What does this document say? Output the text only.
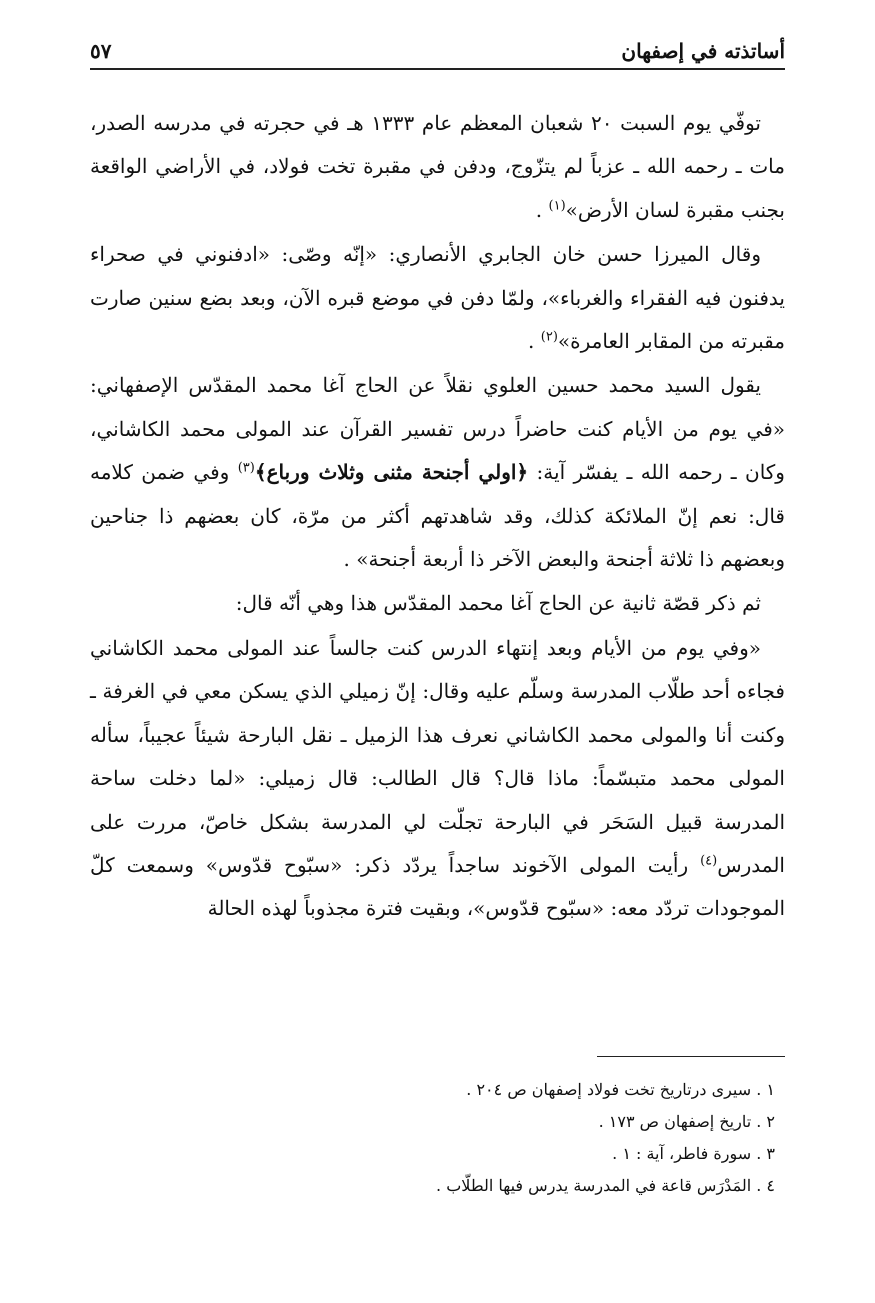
أساتذته في إصفهان
٥٧

توفّي يوم السبت ٢٠ شعبان المعظم عام ١٣٣٣ هـ في حجرته في مدرسه الصدر، مات ـ رحمه الله ـ عزباً لم يتزّوج، ودفن في مقبرة تخت فولاد، في الأراضي الواقعة بجنب مقبرة لسان الأرض»$^{(١)}$ .

وقال الميرزا حسن خان الجابري الأنصاري: «إنّه وصّى: «ادفنوني في صحراء يدفنون فيه الفقراء والغرباء»، ولمّا دفن في موضع قبره الآن، وبعد بضع سنين صارت مقبرته من المقابر العامرة»$^{(٢)}$ .

يقول السيد محمد حسين العلوي نقلاً عن الحاج آغا محمد المقدّس الإصفهاني: «في يوم من الأيام كنت حاضراً درس تفسير القرآن عند المولى محمد الكاشاني، وكان ـ رحمه الله ـ يفسّر آية: ﴿اولي أجنحة مثنى وثلاث ورباع﴾$^{(٣)}$ وفي ضمن كلامه قال: نعم إنّ الملائكة كذلك، وقد شاهدتهم أكثر من مرّة، كان بعضهم ذا جناحين وبعضهم ذا ثلاثة أجنحة والبعض الآخر ذا أربعة أجنحة» .

ثم ذكر قصّة ثانية عن الحاج آغا محمد المقدّس هذا وهي أنّه قال:

«وفي يوم من الأيام وبعد إنتهاء الدرس كنت جالساً عند المولى محمد الكاشاني فجاءه أحد طلّاب المدرسة وسلّم عليه وقال: إنّ زميلي الذي يسكن معي في الغرفة ـ وكنت أنا والمولى محمد الكاشاني نعرف هذا الزميل ـ نقل البارحة شيئاً عجيباً، سأله المولى محمد متبسّماً: ماذا قال؟ قال الطالب: قال زميلي: «لما دخلت ساحة المدرسة قبيل السَحَر في البارحة تجلّت لي المدرسة بشكل خاصّ، مررت على المدرس$^{(٤)}$ رأيت المولى الآخوند ساجداً يردّد ذكر: «سبّوح قدّوس» وسمعت كلّ الموجودات تردّد معه: «سبّوح قدّوس»، وبقيت فترة مجذوباً لهذه الحالة

١ . سيرى درتاريخ تخت فولاد إصفهان ص ٢٠٤ .
٢ . تاريخ إصفهان ص ١٧٣ .
٣ . سورة فاطر، آية : ١ .
٤ . المَدْرَس قاعة في المدرسة يدرس فيها الطلّاب .
